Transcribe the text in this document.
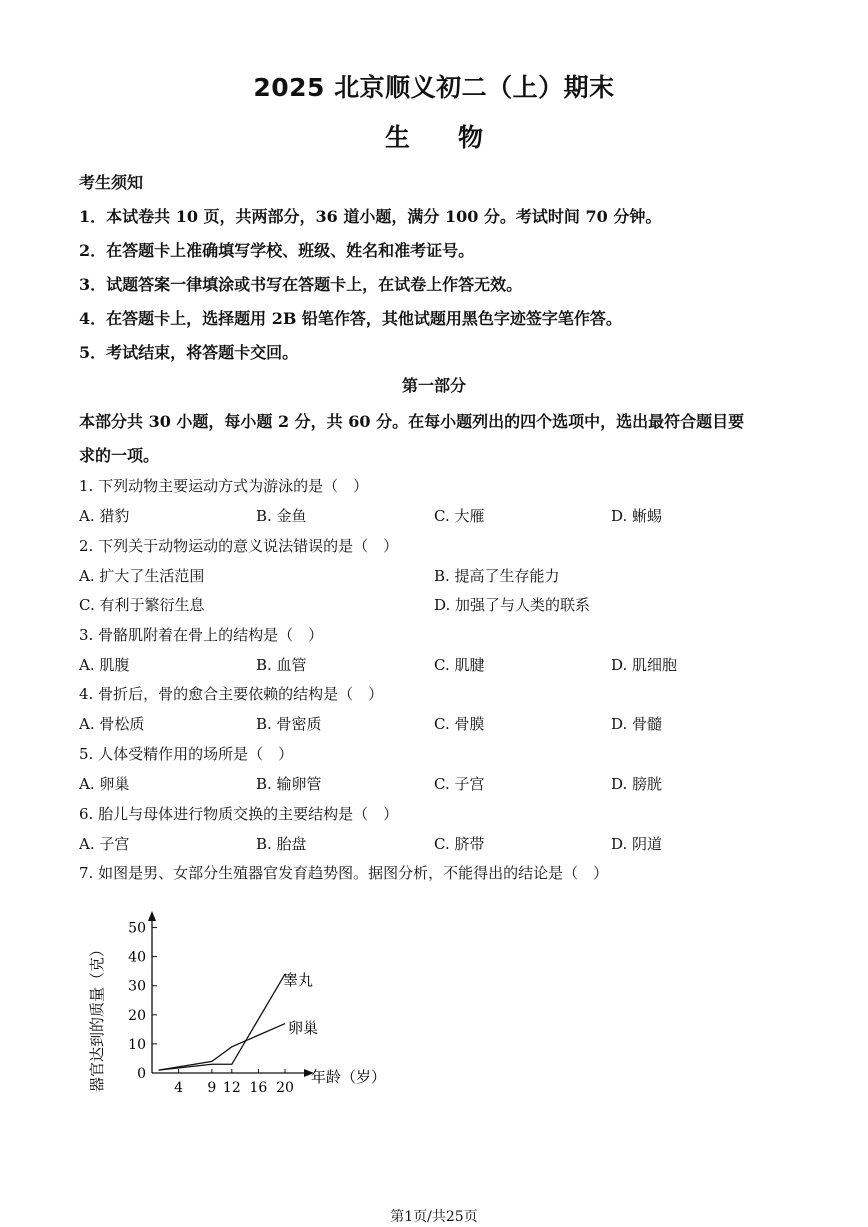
2025 北京顺义初二（上）期末
生物
考生须知
1．本试卷共 10 页，共两部分，36 道小题，满分 100 分。考试时间 70 分钟。
2．在答题卡上准确填写学校、班级、姓名和准考证号。
3．试题答案一律填涂或书写在答题卡上，在试卷上作答无效。
4．在答题卡上，选择题用 2B 铅笔作答，其他试题用黑色字迹签字笔作答。
5．考试结束，将答题卡交回。
第一部分
本部分共 30 小题，每小题 2 分，共 60 分。在每小题列出的四个选项中，选出最符合题目要
求的一项。
1. 下列动物主要运动方式为游泳的是（　）
A. 猎豹	B. 金鱼	C. 大雁	D. 蜥蜴
2. 下列关于动物运动的意义说法错误的是（　）
A. 扩大了生活范围	B. 提高了生存能力
C. 有利于繁衍生息	D. 加强了与人类的联系
3. 骨骼肌附着在骨上的结构是（　）
A. 肌腹	B. 血管	C. 肌腱	D. 肌细胞
4. 骨折后，骨的愈合主要依赖的结构是（　）
A. 骨松质	B. 骨密质	C. 骨膜	D. 骨髓
5. 人体受精作用的场所是（　）
A. 卵巢	B. 输卵管	C. 子宫	D. 膀胱
6. 胎儿与母体进行物质交换的主要结构是（　）
A. 子宫	B. 胎盘	C. 脐带	D. 阴道
7. 如图是男、女部分生殖器官发育趋势图。据图分析，不能得出的结论是（　）
0
10
20
30
40
50
4 9 12 16 20
器官达到的质量（克）	年龄（岁）
睾丸
卵巢
第1页/共25页
